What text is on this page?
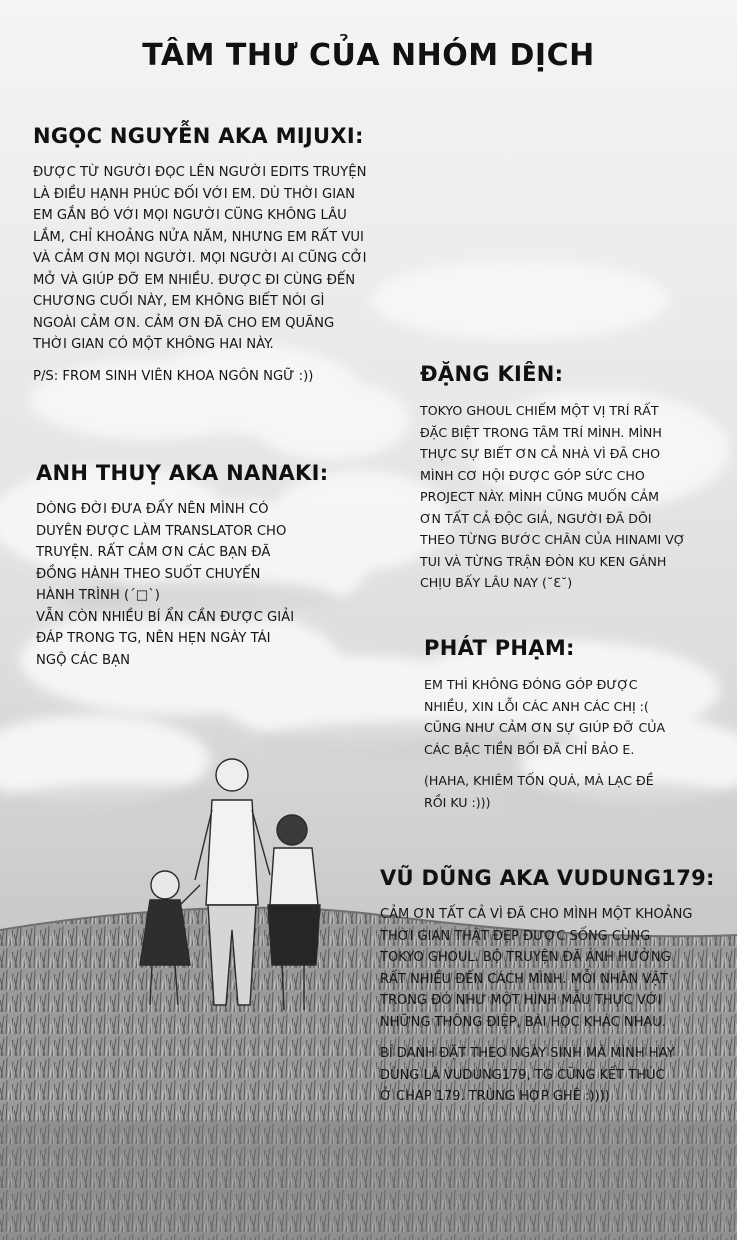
TÂM THƯ CỦA NHÓM DỊCH
NGỌC NGUYỄN AKA MIJUXI:

ĐƯỢC TỪ NGƯỜI ĐỌC LÊN NGƯỜI EDITS TRUYỆN
LÀ ĐIỀU HẠNH PHÚC ĐỐI VỚI EM. DÙ THỜI GIAN
EM GẮN BÓ VỚI MỌI NGƯỜI CŨNG KHÔNG LÂU
LẮM, CHỈ KHOẢNG NỬA NĂM, NHƯNG EM RẤT VUI
VÀ CẢM ƠN MỌI NGƯỜI. MỌI NGƯỜI AI CŨNG CỞI
MỞ VÀ GIÚP ĐỠ EM NHIỀU. ĐƯỢC ĐI CÙNG ĐẾN
CHƯƠNG CUỐI NÀY, EM KHÔNG BIẾT NÓI GÌ
NGOÀI CẢM ƠN. CẢM ƠN ĐÃ CHO EM QUÃNG
THỜI GIAN CÓ MỘT KHÔNG HAI NÀY.

P/S: FROM SINH VIÊN KHOA NGÔN NGỮ :))	ĐẶNG KIÊN:

TOKYO GHOUL CHIẾM MỘT VỊ TRÍ RẤT
ĐẶC BIỆT TRONG TÂM TRÍ MÌNH. MÌNH
THỰC SỰ BIẾT ƠN CẢ NHÀ VÌ ĐÃ CHO
MÌNH CƠ HỘI ĐƯỢC GÓP SỨC CHO
PROJECT NÀY. MÌNH CŨNG MUỐN CẢM
ƠN TẤT CẢ ĐỘC GIẢ, NGƯỜI ĐÃ DÕI
THEO TỪNG BƯỚC CHÂN CỦA HINAMI VỢ
TUI VÀ TỪNG TRẬN ĐÒN KU KEN GÁNH
CHỊU BẤY LÂU NAY (˘Ɛ˘)

ANH THUỴ AKA NANAKI:

DÒNG ĐỜI ĐƯA ĐẨY NÊN MÌNH CÓ
DUYÊN ĐƯỢC LÀM TRANSLATOR CHO
TRUYỆN. RẤT CẢM ƠN CÁC BẠN ĐÃ
ĐỒNG HÀNH THEO SUỐT CHUYẾN
HÀNH TRÌNH (´□`)
VẪN CÒN NHIỀU BÍ ẨN CẦN ĐƯỢC GIẢI
ĐÁP TRONG TG, NÊN HẸN NGÀY TÁI
NGỘ CÁC BẠN	PHÁT PHẠM:

EM THÌ KHÔNG ĐÓNG GÓP ĐƯỢC
NHIỀU, XIN LỖI CÁC ANH CÁC CHỊ :(
CŨNG NHƯ CẢM ƠN SỰ GIÚP ĐỠ CỦA
CÁC BẬC TIỀN BỐI ĐÃ CHỈ BẢO E.

(HAHA, KHIÊM TỐN QUÁ, MÀ LẠC ĐỀ
RỒI KU :)))

VŨ DŨNG AKA VUDUNG179:

CẢM ƠN TẤT CẢ VÌ ĐÃ CHO MÌNH MỘT KHOẢNG
THỜI GIAN THẬT ĐẸP ĐƯỢC SỐNG CÙNG
TOKYO GHOUL. BỘ TRUYỆN ĐÃ ẢNH HƯỞNG
RẤT NHIỀU ĐẾN CÁCH MÌNH. MỖI NHÂN VẬT
TRONG ĐÓ NHƯ MỘT HÌNH MẪU THỰC VỚI
NHỮNG THÔNG ĐIỆP, BÀI HỌC KHÁC NHAU.

BÍ DANH ĐẶT THEO NGÀY SINH MÀ MÌNH HAY
DÙNG LÀ VUDUNG179, TG CŨNG KẾT THÚC
Ở CHAP 179. TRÙNG HỢP GHÊ :))))
